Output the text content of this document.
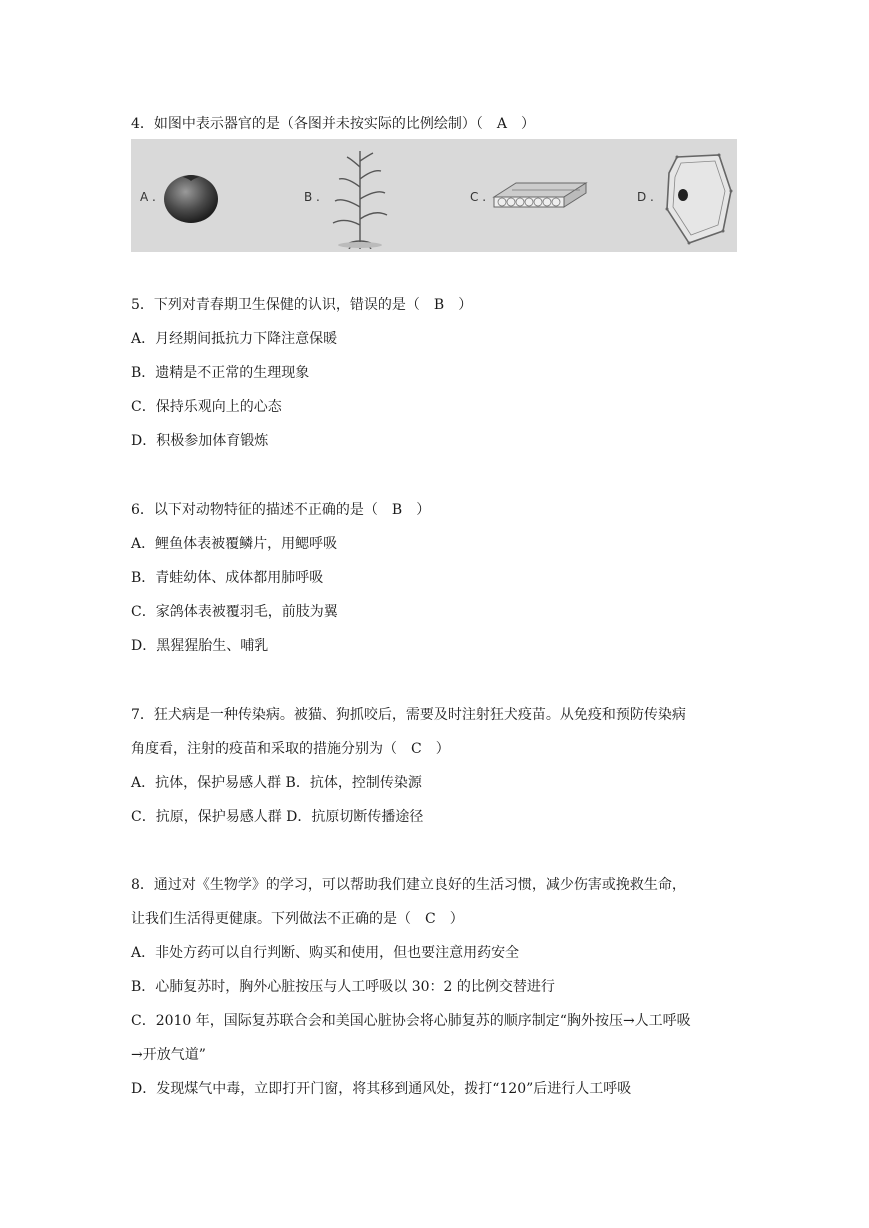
4．如图中表示器官的是（各图并未按实际的比例绘制）（　A　）
A .	B .	C .	D .
5．下列对青春期卫生保健的认识，错误的是（　B　）
A．月经期间抵抗力下降注意保暖
B．遗精是不正常的生理现象
C．保持乐观向上的心态
D．积极参加体育锻炼
6．以下对动物特征的描述不正确的是（　B　）
A．鲤鱼体表被覆鳞片，用鳃呼吸
B．青蛙幼体、成体都用肺呼吸
C．家鸽体表被覆羽毛，前肢为翼
D．黑猩猩胎生、哺乳
7．狂犬病是一种传染病。被猫、狗抓咬后，需要及时注射狂犬疫苗。从免疫和预防传染病
角度看，注射的疫苗和采取的措施分别为（　C　）
A．抗体，保护易感人群 B．抗体，控制传染源
C．抗原，保护易感人群 D．抗原切断传播途径
8．通过对《生物学》的学习，可以帮助我们建立良好的生活习惯，减少伤害或挽救生命，
让我们生活得更健康。下列做法不正确的是（　C　）
A．非处方药可以自行判断、购买和使用，但也要注意用药安全
B．心肺复苏时，胸外心脏按压与人工呼吸以 30：2 的比例交替进行
C．2010 年，国际复苏联合会和美国心脏协会将心肺复苏的顺序制定“胸外按压→人工呼吸
→开放气道”
D．发现煤气中毒，立即打开门窗，将其移到通风处，拨打“120”后进行人工呼吸
